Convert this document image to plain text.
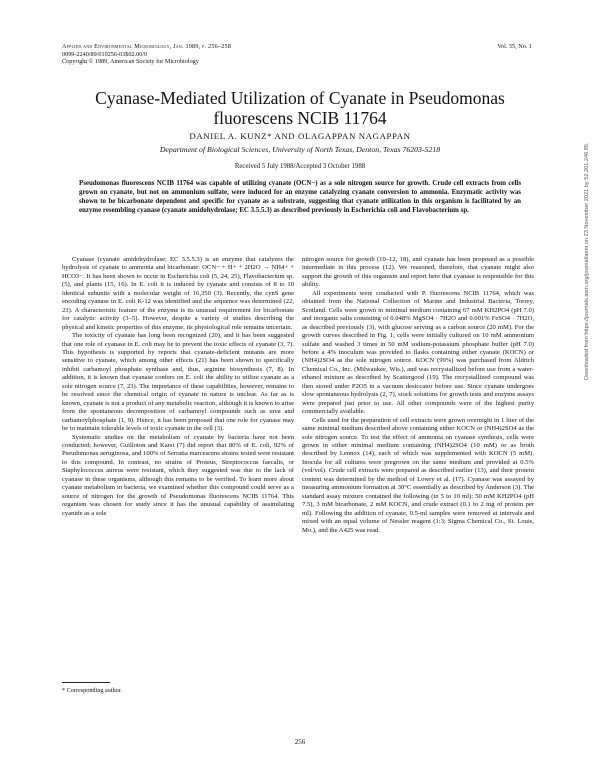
Applied and Environmental Microbiology, Jan. 1989, p. 256–258
0099-2240/89/010256-03$02.00/0
Copyright © 1989, American Society for Microbiology
Vol. 55, No. 1
Cyanase-Mediated Utilization of Cyanate in Pseudomonas
fluorescens NCIB 11764
DANIEL A. KUNZ* AND OLAGAPPAN NAGAPPAN
Department of Biological Sciences, University of North Texas, Denton, Texas 76203-5218
Received 5 July 1988/Accepted 3 October 1988
Pseudomonas fluorescens NCIB 11764 was capable of utilizing cyanate (OCN−) as a sole nitrogen source for growth. Crude cell extracts from cells grown on cyanate, but not on ammonium sulfate, were induced for an enzyme catalyzing cyanate conversion to ammonia. Enzymatic activity was shown to be bicarbonate dependent and specific for cyanate as a substrate, suggesting that cyanate utilization in this organism is facilitated by an enzyme resembling cyanase (cyanate amidohydrolase; EC 3.5.5.3) as described previously in Escherichia coli and Flavobacterium sp.

Cyanase (cyanate amidohydrolase; EC 3.5.5.3) is an enzyme that catalyzes the hydrolysis of cyanate to ammonia and bicarbonate: OCN− + H+ + 2H2O → NH4+ + HCO3−. It has been shown to occur in Escherichia coli (5, 24, 25), Flavobacterium sp. (5), and plants (15, 16). In E. coli it is induced by cyanate and consists of 8 to 10 identical subunits with a molecular weight of 16,350 (3). Recently, the cynS gene encoding cyanase in E. coli K-12 was identified and the sequence was determined (22, 23). A characteristic feature of the enzyme is its unusual requirement for bicarbonate for catalytic activity (3–5). However, despite a variety of studies describing the physical and kinetic properties of this enzyme, its physiological role remains uncertain.

The toxicity of cyanate has long been recognized (20), and it has been suggested that one role of cyanase in E. coli may be to prevent the toxic effects of cyanate (3, 7). This hypothesis is supported by reports that cyanate-deficient mutants are more sensitive to cyanate, which among other effects (21) has been shown to specifically inhibit carbamoyl phosphate synthase and, thus, arginine biosynthesis (7, 8). In addition, it is known that cyanase confers on E. coli the ability to utilize cyanate as a sole nitrogen source (7, 23). The importance of these capabilities, however, remains to be resolved since the chemical origin of cyanate in nature is unclear. As far as is known, cyanate is not a product of any metabolic reaction, although it is known to arise from the spontaneous decomposition of carbamoyl compounds such as urea and carbamoylphosphate (1, 9). Hence, it has been proposed that one role for cyanase may be to maintain tolerable levels of toxic cyanate in the cell (3).

Systematic studies on the metabolism of cyanate by bacteria have not been conducted; however, Guilloton and Karst (7) did report that 80% of E. coli, 92% of Pseudomonas aeruginosa, and 100% of Serratia marcescens strains tested were resistant to this compound. In contrast, no strains of Proteus, Streptococcus faecalis, or Staphylococcus aureus were resistant, which they suggested was due to the lack of cyanase in these organisms, although this remains to be verified. To learn more about cyanate metabolism in bacteria, we examined whether this compound could serve as a source of nitrogen for the growth of Pseudomonas fluorescens NCIB 11764. This organism was chosen for study since it has the unusual capability of assimilating cyanide as a sole

nitrogen source for growth (10–12, 18), and cyanate has been proposed as a possible intermediate in this process (12). We reasoned, therefore, that cyanate might also support the growth of this organism and report here that cyanase is responsible for this ability.

All experiments were conducted with P. fluorescens NCIB 11764, which was obtained from the National Collection of Marine and Industrial Bacteria, Torrey, Scotland. Cells were grown in minimal medium containing 67 mM KH2PO4 (pH 7.0) and inorganic salts consisting of 0.048% MgSO4 · 7H2O and 0.001% FeSO4 · 7H2O, as described previously (3), with glucose serving as a carbon source (20 mM). For the growth curves described in Fig. 1, cells were initially cultured on 10 mM ammonium sulfate and washed 3 times in 50 mM sodium-potassium phosphate buffer (pH 7.0) before a 4% inoculum was provided to flasks containing either cyanate (KOCN) or (NH4)2SO4 as the sole nitrogen source. KOCN (99%) was purchased from Aldrich Chemical Co., Inc. (Milwaukee, Wis.), and was recrystallized before use from a water-ethanol mixture as described by Scattergood (19). The recrystallized compound was then stored under P2O5 in a vacuum desiccator before use. Since cyanate undergoes slow spontaneous hydrolysis (2, 7), stock solutions for growth tests and enzyme assays were prepared just prior to use. All other compounds were of the highest purity commercially available.

Cells used for the preparation of cell extracts were grown overnight in 1 liter of the same minimal medium described above containing either KOCN or (NH4)2SO4 as the sole nitrogen source. To test the effect of ammonia on cyanase synthesis, cells were grown in either minimal medium containing (NH4)2SO4 (10 mM) or as broth described by Lennox (14), each of which was supplemented with KOCN (5 mM). Inocula for all cultures were pregrown on the same medium and provided at 0.5% (vol/vol). Crude cell extracts were prepared as described earlier (13), and their protein content was determined by the method of Lowry et al. (17). Cyanase was assayed by measuring ammonium formation at 30°C essentially as described by Anderson (3). The standard assay mixture contained the following (in 5 to 10 ml): 50 mM KH2PO4 (pH 7.5), 3 mM bicarbonate, 2 mM KOCN, and crude extract (0.1 to 2 mg of protein per ml). Following the addition of cyanate, 0.5-ml samples were removed at intervals and mixed with an equal volume of Nessler reagent (1:3; Sigma Chemical Co., St. Louis, Mo.), and the A425 was read.

* Corresponding author.
256
Downloaded from https://journals.asm.org/journal/aem on 23 November 2021 by 52.201.246.85.
